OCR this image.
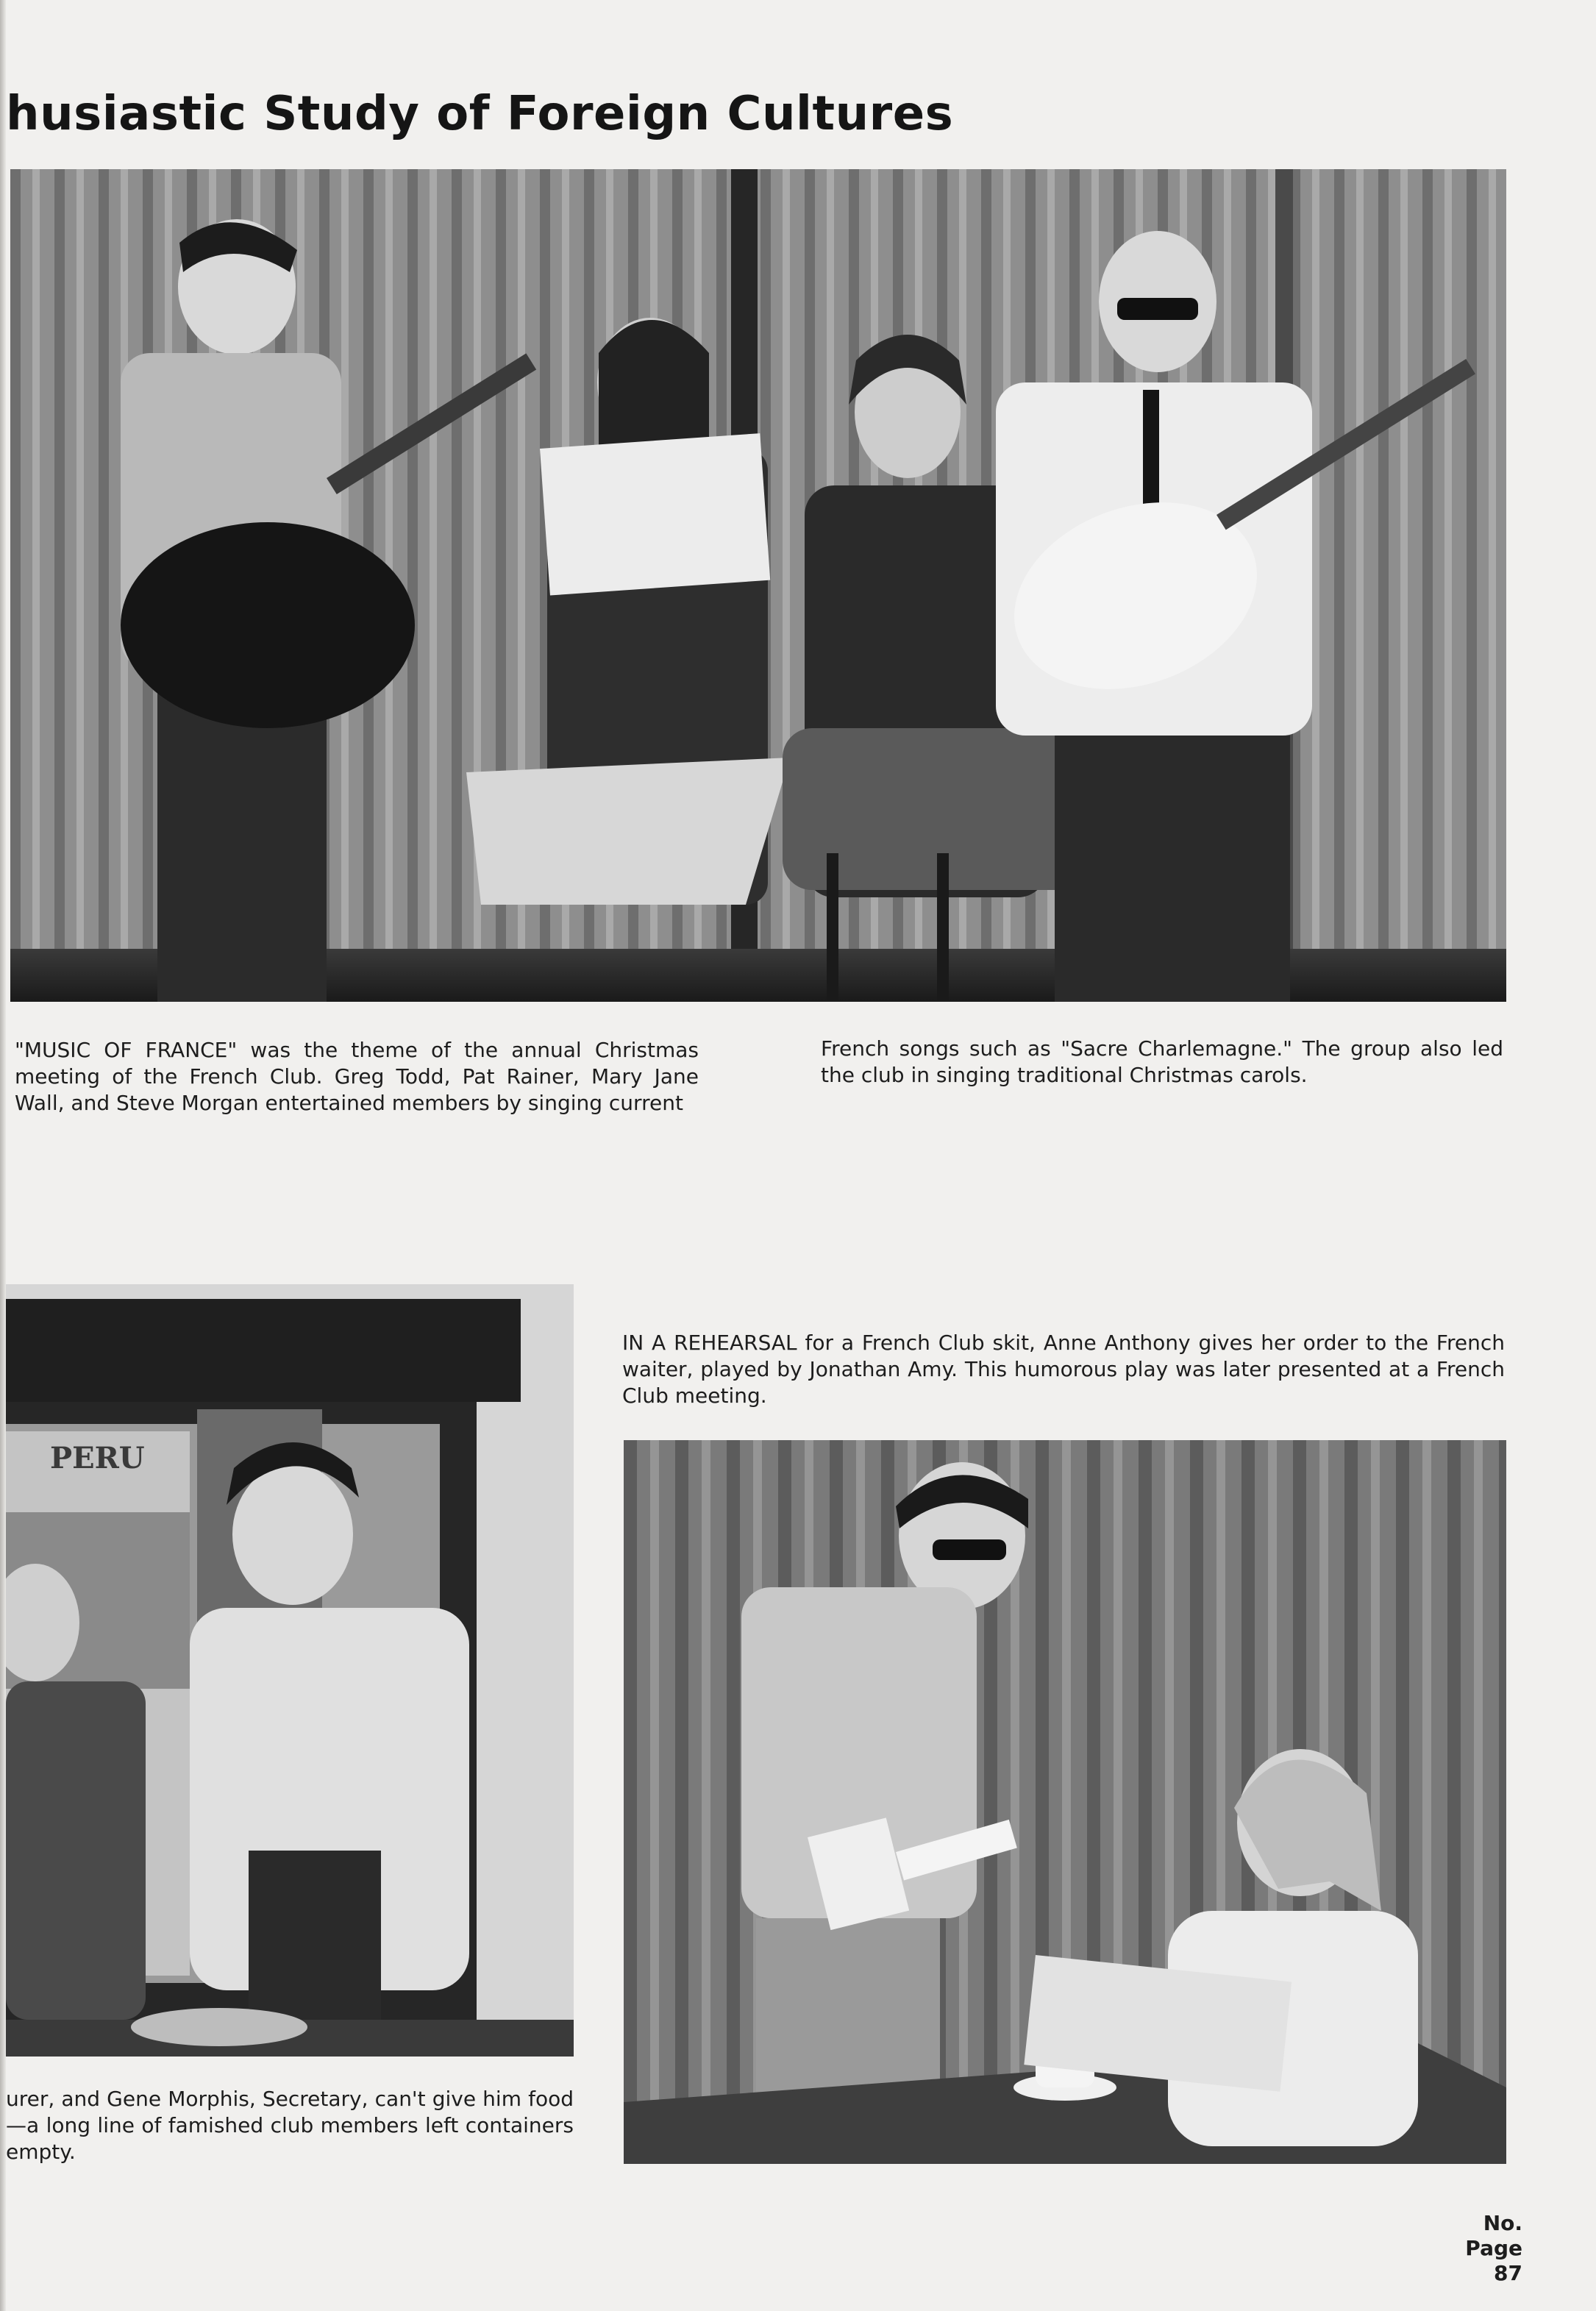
husiastic Study of Foreign Cultures

"MUSIC OF FRANCE" was the theme of the annual Christmas meeting of the French Club. Greg Todd, Pat Rainer, Mary Jane Wall, and Steve Morgan entertained members by singing current

French songs such as "Sacre Charlemagne." The group also led the club in singing traditional Christmas carols.

PERU

urer, and Gene Morphis, Secretary, can't give him food—a long line of famished club members left containers empty.

IN A REHEARSAL for a French Club skit, Anne Anthony gives her order to the French waiter, played by Jonathan Amy. This humorous play was later presented at a French Club meeting.

No.
Page
87
